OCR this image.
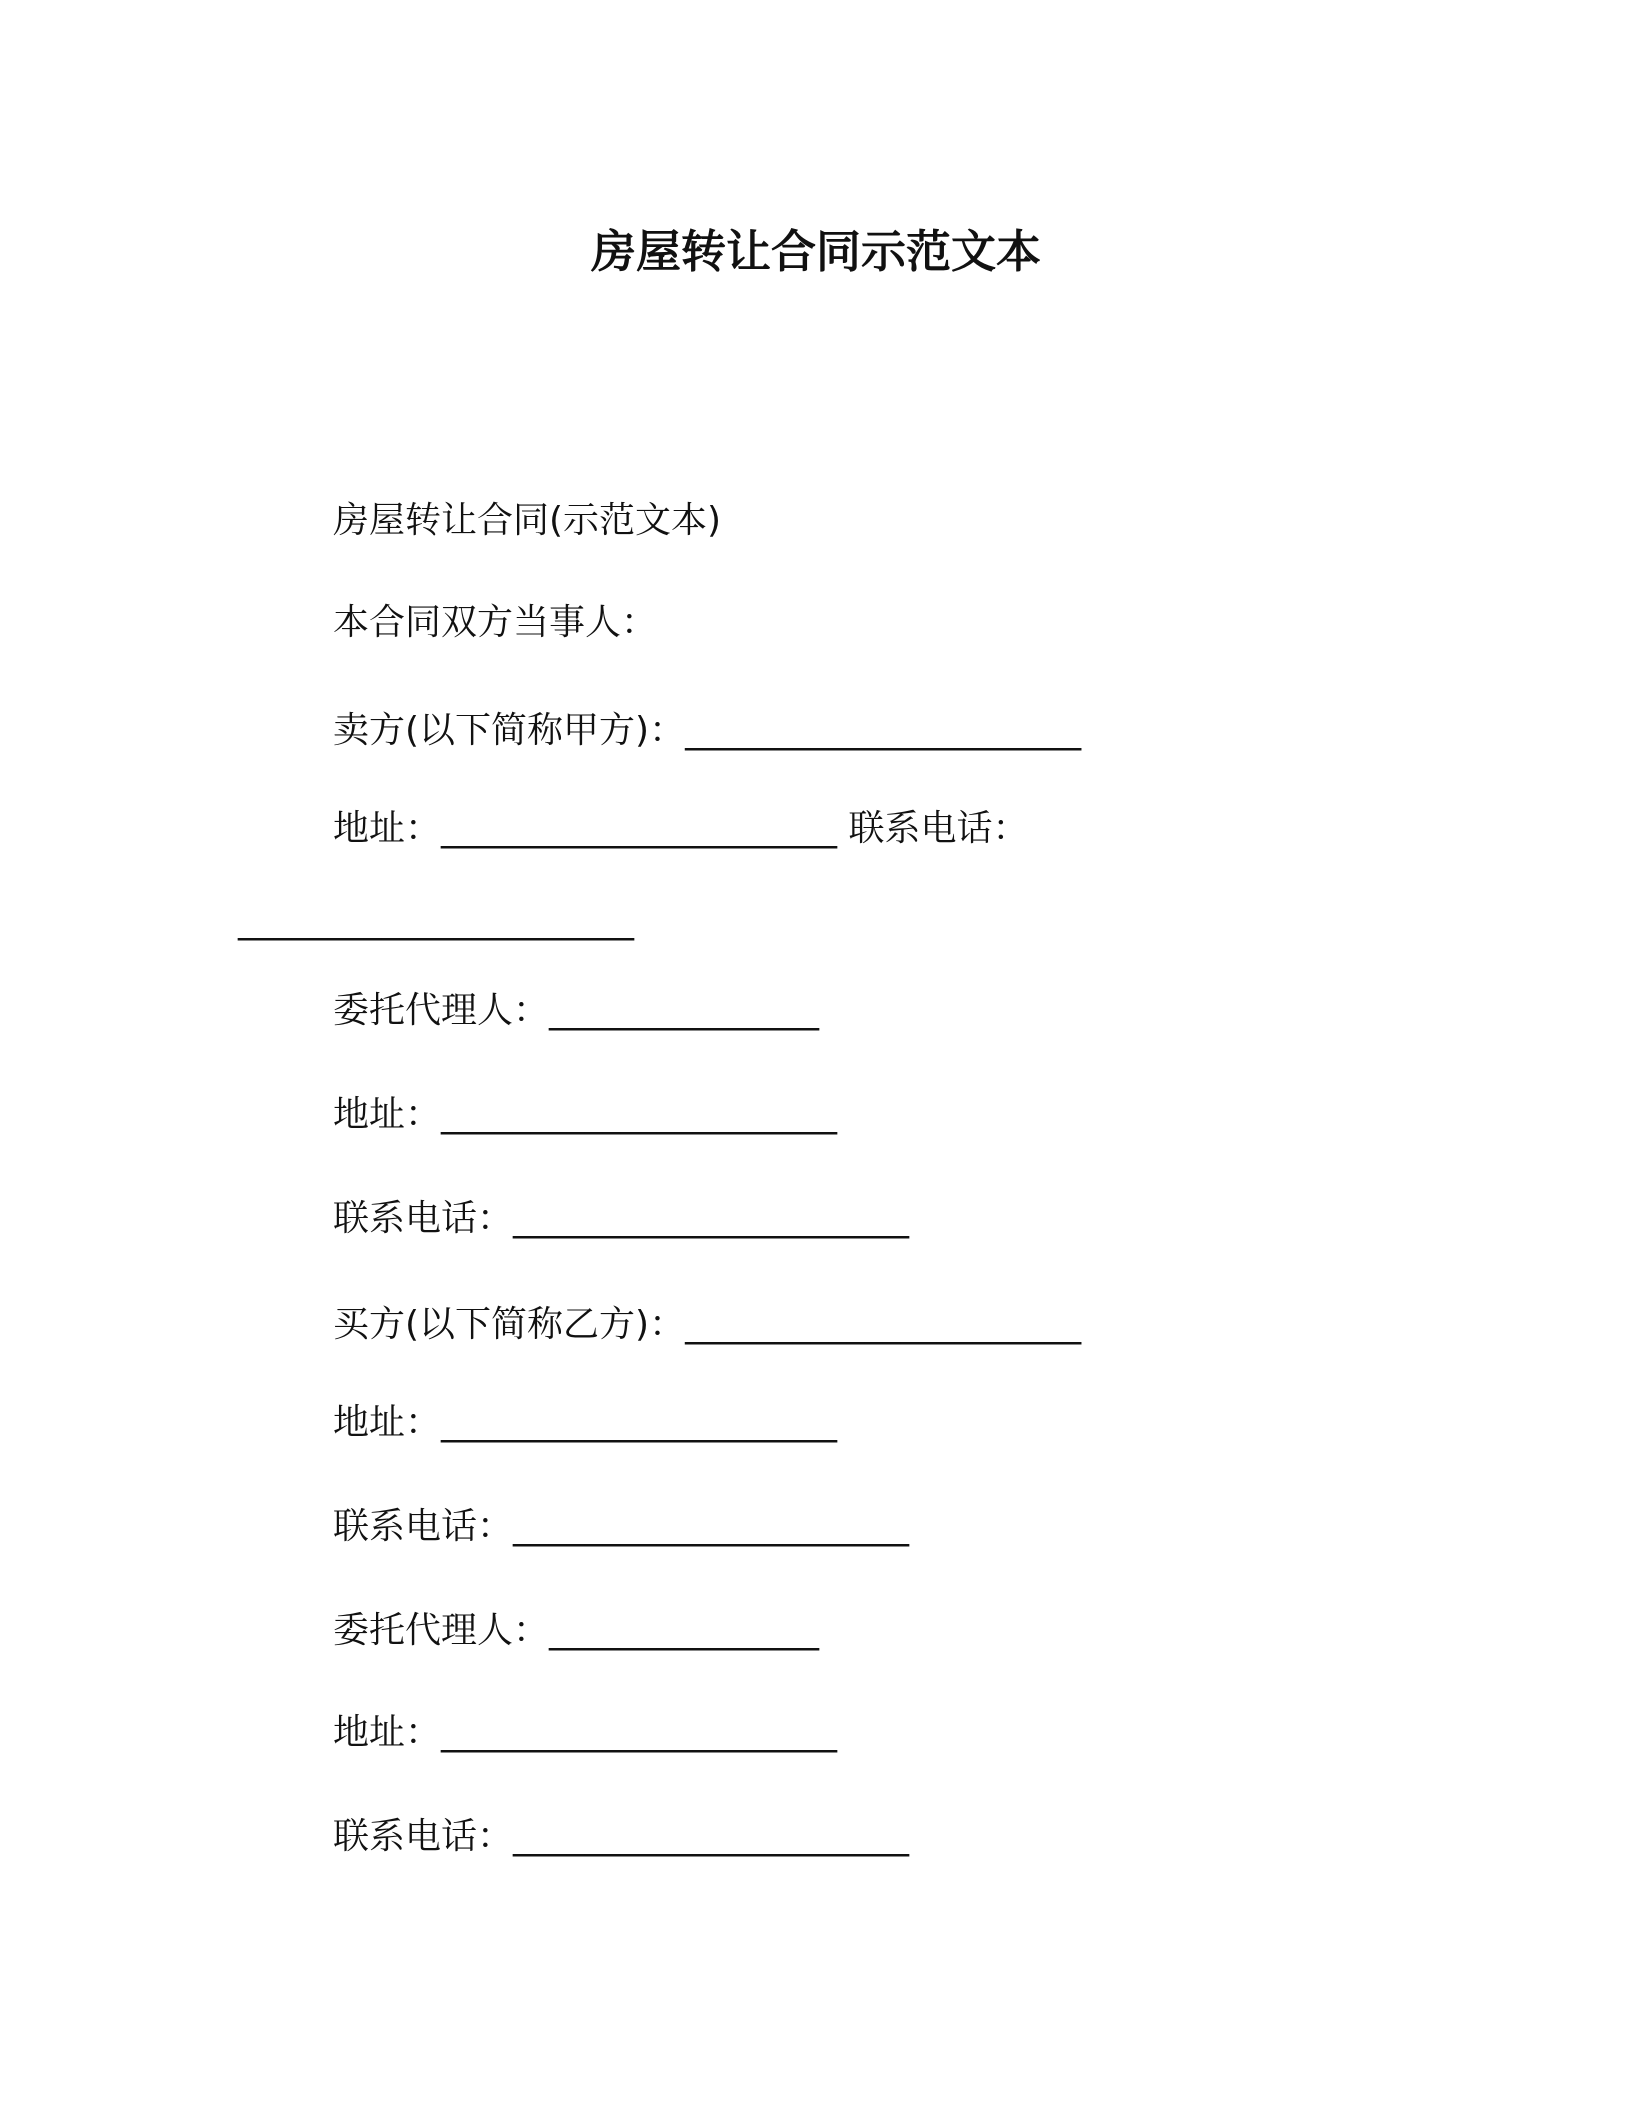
房屋转让合同示范文本
房屋转让合同(示范文本)
本合同双方当事人：
卖方(以下简称甲方)：______________________
地址：______________________ 联系电话：
______________________
委托代理人：_______________
地址：______________________
联系电话：______________________
买方(以下简称乙方)：______________________
地址：______________________
联系电话：______________________
委托代理人：_______________
地址：______________________
联系电话：______________________
